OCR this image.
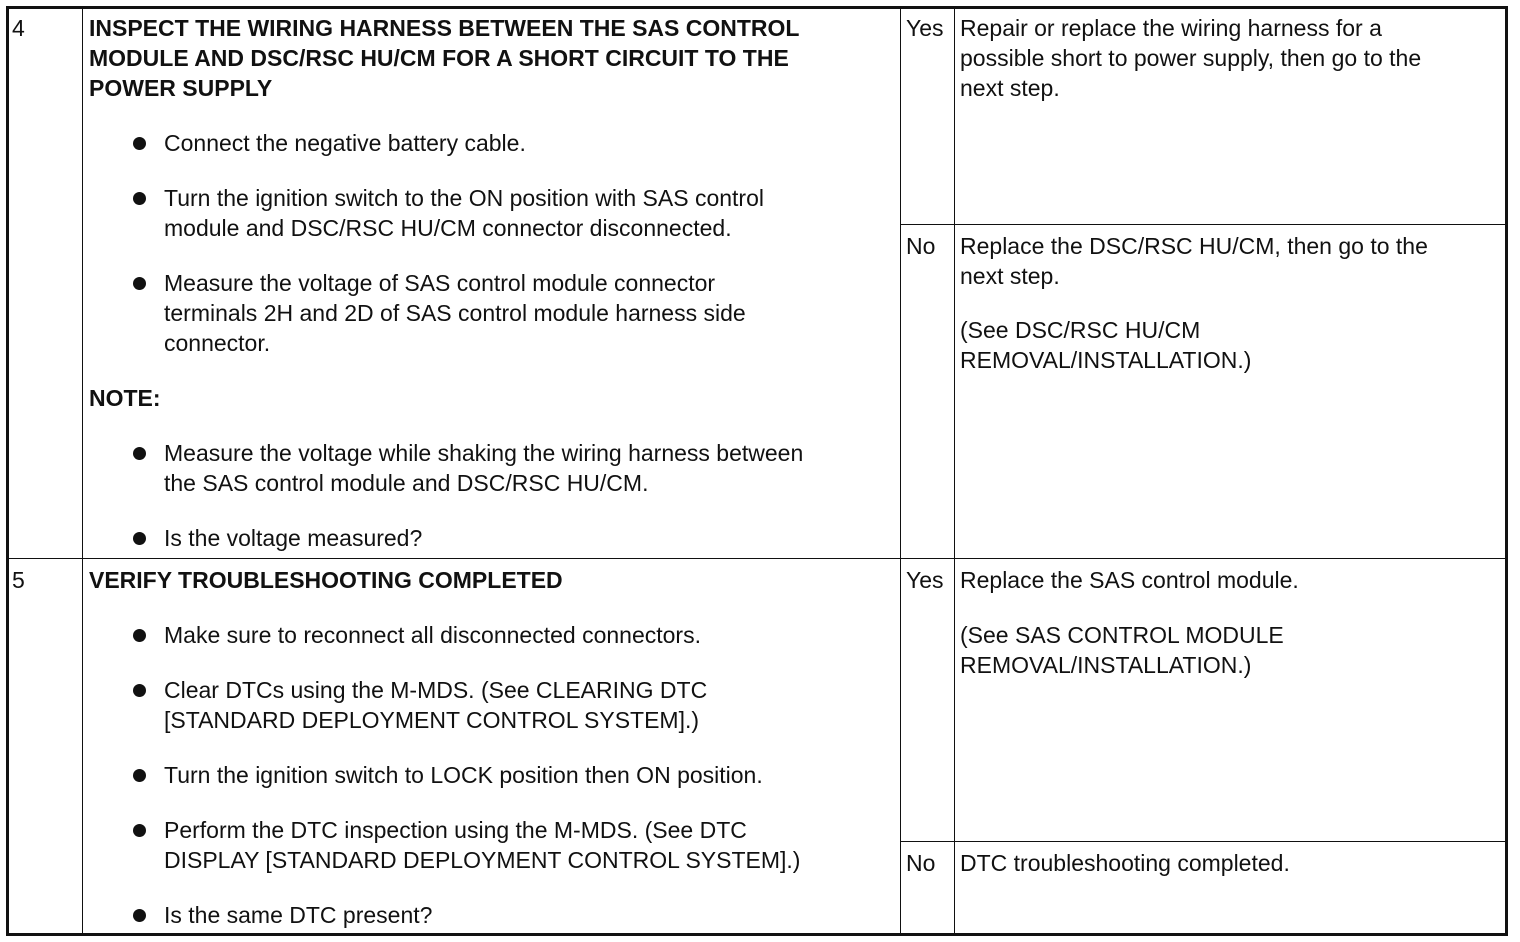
4	INSPECT THE WIRING HARNESS BETWEEN THE SAS CONTROL
MODULE AND DSC/RSC HU/CM FOR A SHORT CIRCUIT TO THE
POWER SUPPLY
Connect the negative battery cable.
Turn the ignition switch to the ON position with SAS control
module and DSC/RSC HU/CM connector disconnected.
Measure the voltage of SAS control module connector
terminals 2H and 2D of SAS control module harness side
connector.
NOTE:
Measure the voltage while shaking the wiring harness between
the SAS control module and DSC/RSC HU/CM.
Is the voltage measured?
Yes Repair or replace the wiring harness for a
possible short to power supply, then go to the
next step.
No Replace the DSC/RSC HU/CM, then go to the
next step.
(See DSC/RSC HU/CM
REMOVAL/INSTALLATION.)
5	VERIFY TROUBLESHOOTING COMPLETED
Make sure to reconnect all disconnected connectors.
Clear DTCs using the M-MDS. (See CLEARING DTC
[STANDARD DEPLOYMENT CONTROL SYSTEM].)
Turn the ignition switch to LOCK position then ON position.
Perform the DTC inspection using the M-MDS. (See DTC
DISPLAY [STANDARD DEPLOYMENT CONTROL SYSTEM].)
Is the same DTC present?
Yes Replace the SAS control module.
(See SAS CONTROL MODULE
REMOVAL/INSTALLATION.)
No DTC troubleshooting completed.
